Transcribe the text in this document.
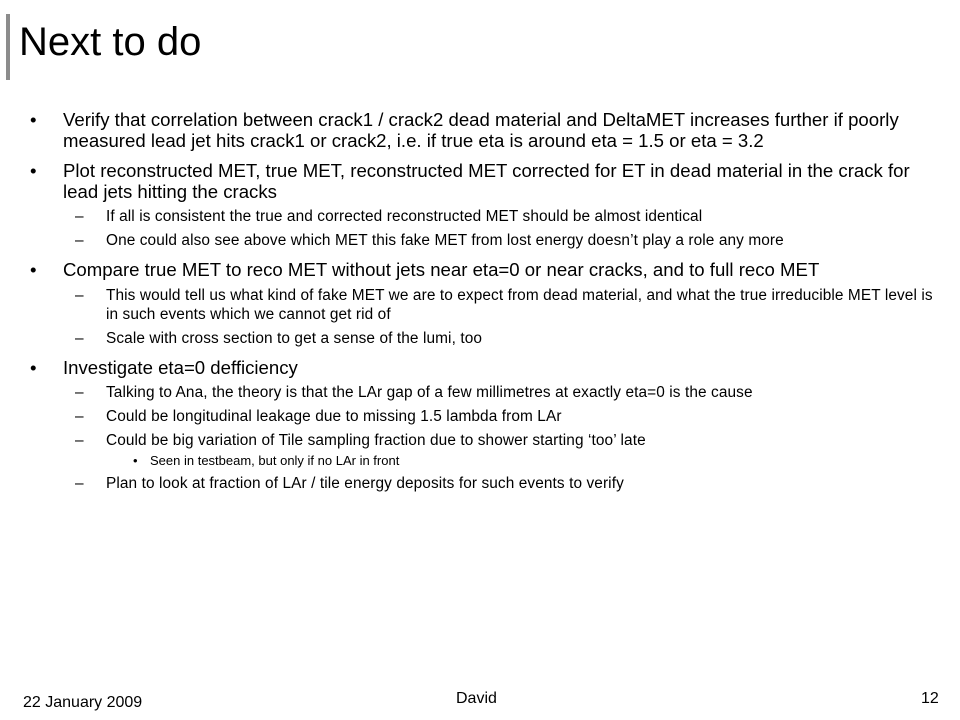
Next to do
• Verify that correlation between crack1 / crack2 dead material and DeltaMET increases further if poorly measured lead jet hits crack1 or crack2, i.e. if true eta is around eta = 1.5 or eta = 3.2
• Plot reconstructed MET, true MET, reconstructed MET corrected for ET in dead material in the crack for lead jets hitting the cracks
– If all is consistent the true and corrected reconstructed MET should be almost identical
– One could also see above which MET this fake MET from lost energy doesn’t play a role any more
• Compare true MET to reco MET without jets near eta=0 or near cracks, and to full reco MET
– This would tell us what kind of fake MET we are to expect from dead material, and what the true irreducible MET level is in such events which we cannot get rid of
– Scale with cross section to get a sense of the lumi, too
• Investigate eta=0 defficiency
– Talking to Ana, the theory is that the LAr gap of a few millimetres at exactly eta=0 is the cause
– Could be longitudinal leakage due to missing 1.5 lambda from LAr
– Could be big variation of Tile sampling fraction due to shower starting ‘too’ late
• Seen in testbeam, but only if no LAr in front
– Plan to look at fraction of LAr / tile energy deposits for such events to verify
22 January 2009	David	12
